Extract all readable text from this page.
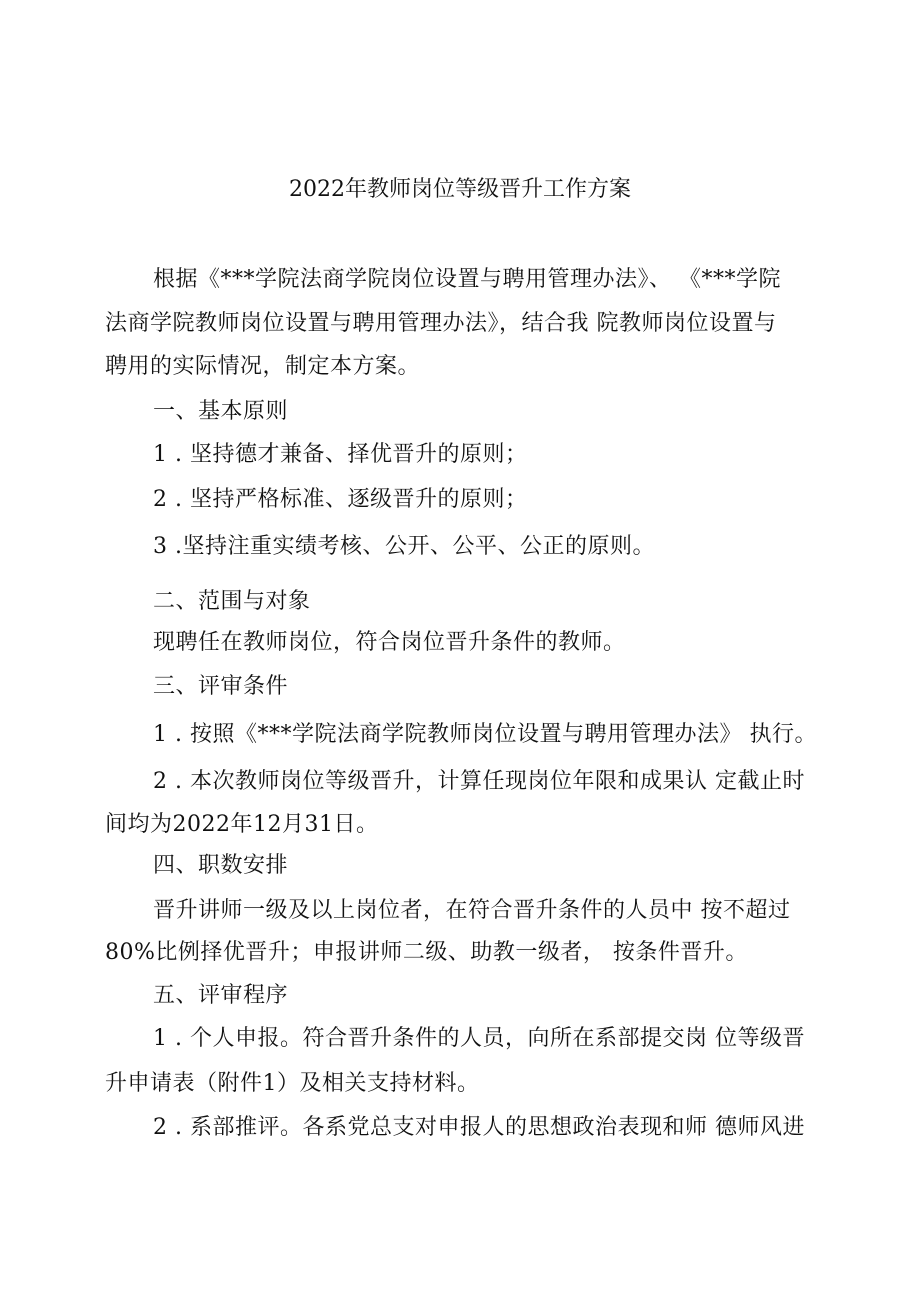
2022年教师岗位等级晋升工作方案
根据《***学院法商学院岗位设置与聘用管理办法》、 《***学院
法商学院教师岗位设置与聘用管理办法》，结合我 院教师岗位设置与
聘用的实际情况，制定本方案。
一、基本原则
1 . 坚持德才兼备、择优晋升的原则；
2 . 坚持严格标准、逐级晋升的原则；
3 .坚持注重实绩考核、公开、公平、公正的原则。
二、范围与对象
现聘任在教师岗位，符合岗位晋升条件的教师。
三、评审条件
1 . 按照《***学院法商学院教师岗位设置与聘用管理办法》 执行。
2 . 本次教师岗位等级晋升，计算任现岗位年限和成果认 定截止时
间均为2022年12月31日。
四、职数安排
晋升讲师一级及以上岗位者，在符合晋升条件的人员中 按不超过
80%比例择优晋升；申报讲师二级、助教一级者， 按条件晋升。
五、评审程序
1 . 个人申报。符合晋升条件的人员，向所在系部提交岗 位等级晋
升申请表（附件1）及相关支持材料。
2 . 系部推评。各系党总支对申报人的思想政治表现和师 德师风进
